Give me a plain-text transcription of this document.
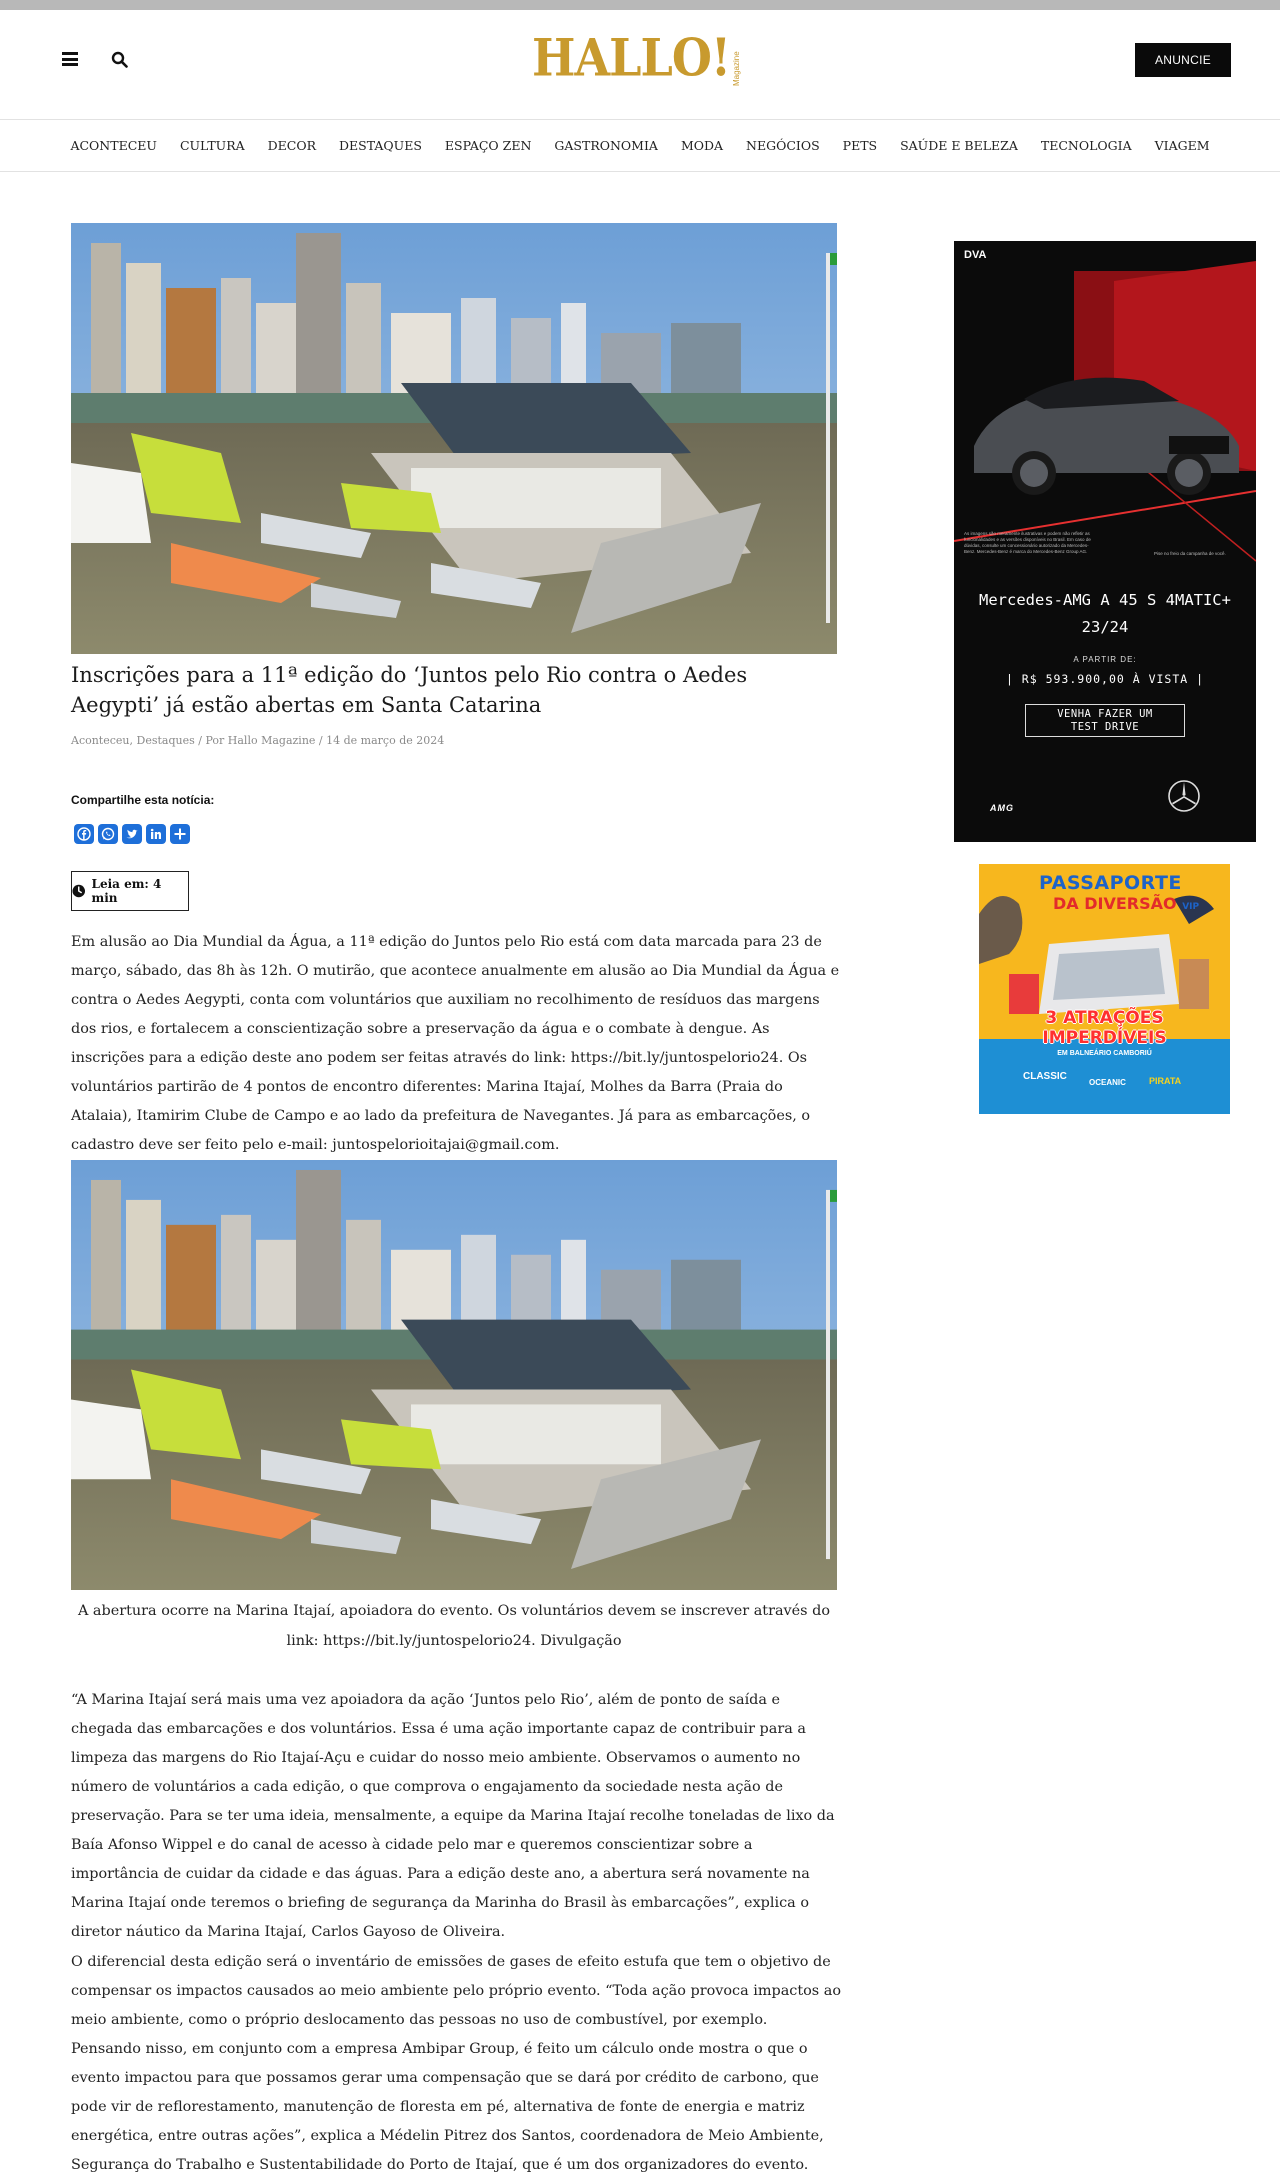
HALLO! Magazine	ANUNCIE
ACONTECEU	CULTURA	DECOR	DESTAQUES	ESPAÇO ZEN	GASTRONOMIA	MODA	NEGÓCIOS	PETS	SAÚDE E BELEZA	TECNOLOGIA	VIAGEM
Inscrições para a 11ª edição do ‘Juntos pelo Rio contra o Aedes Aegypti’ já estão abertas em Santa Catarina
Aconteceu, Destaques / Por Hallo Magazine / 14 de março de 2024
Compartilhe esta notícia:
Leia em: 4 min

Em alusão ao Dia Mundial da Água, a 11ª edição do Juntos pelo Rio está com data marcada para 23 de março, sábado, das 8h às 12h. O mutirão, que acontece anualmente em alusão ao Dia Mundial da Água e contra o Aedes Aegypti, conta com voluntários que auxiliam no recolhimento de resíduos das margens dos rios, e fortalecem a conscientização sobre a preservação da água e o combate à dengue. As inscrições para a edição deste ano podem ser feitas através do link: https://bit.ly/juntospelorio24. Os voluntários partirão de 4 pontos de encontro diferentes: Marina Itajaí, Molhes da Barra (Praia do Atalaia), Itamirim Clube de Campo e ao lado da prefeitura de Navegantes. Já para as embarcações, o cadastro deve ser feito pelo e-mail: juntospelorioitajai@gmail.com.

A abertura ocorre na Marina Itajaí, apoiadora do evento. Os voluntários devem se inscrever através do link: https://bit.ly/juntospelorio24. Divulgação

“A Marina Itajaí será mais uma vez apoiadora da ação ‘Juntos pelo Rio’, além de ponto de saída e chegada das embarcações e dos voluntários. Essa é uma ação importante capaz de contribuir para a limpeza das margens do Rio Itajaí-Açu e cuidar do nosso meio ambiente. Observamos o aumento no número de voluntários a cada edição, o que comprova o engajamento da sociedade nesta ação de preservação. Para se ter uma ideia, mensalmente, a equipe da Marina Itajaí recolhe toneladas de lixo da Baía Afonso Wippel e do canal de acesso à cidade pelo mar e queremos conscientizar sobre a importância de cuidar da cidade e das águas. Para a edição deste ano, a abertura será novamente na Marina Itajaí onde teremos o briefing de segurança da Marinha do Brasil às embarcações”, explica o diretor náutico da Marina Itajaí, Carlos Gayoso de Oliveira.

O diferencial desta edição será o inventário de emissões de gases de efeito estufa que tem o objetivo de compensar os impactos causados ao meio ambiente pelo próprio evento. “Toda ação provoca impactos ao meio ambiente, como o próprio deslocamento das pessoas no uso de combustível, por exemplo. Pensando nisso, em conjunto com a empresa Ambipar Group, é feito um cálculo onde mostra o que o evento impactou para que possamos gerar uma compensação que se dará por crédito de carbono, que pode vir de reflorestamento, manutenção de floresta em pé, alternativa de fonte de energia e matriz energética, entre outras ações”, explica a Médelin Pitrez dos Santos, coordenadora de Meio Ambiente, Segurança do Trabalho e Sustentabilidade do Porto de Itajaí, que é um dos organizadores do evento.

DVA
As imagens são meramente ilustrativas e podem não refletir as funcionalidades e as versões disponíveis no Brasil. Em caso de dúvidas, consulte um concessionário autorizado da Mercedes-Benz. Mercedes-Benz é marca do Mercedes-Benz Group AG.	Pise no freio da campanha de você.
Mercedes-AMG A 45 S 4MATIC+
23/24
A PARTIR DE:
| R$ 593.900,00 À VISTA |
VENHA FAZER UM
TEST DRIVE
AMG
PASSAPORTE
DA DIVERSÃO VIP
3 ATRAÇÕES
IMPERDÍVEIS
EM BALNEÁRIO CAMBORIÚ
CLASSIC
OCEANIC	PIRATA
